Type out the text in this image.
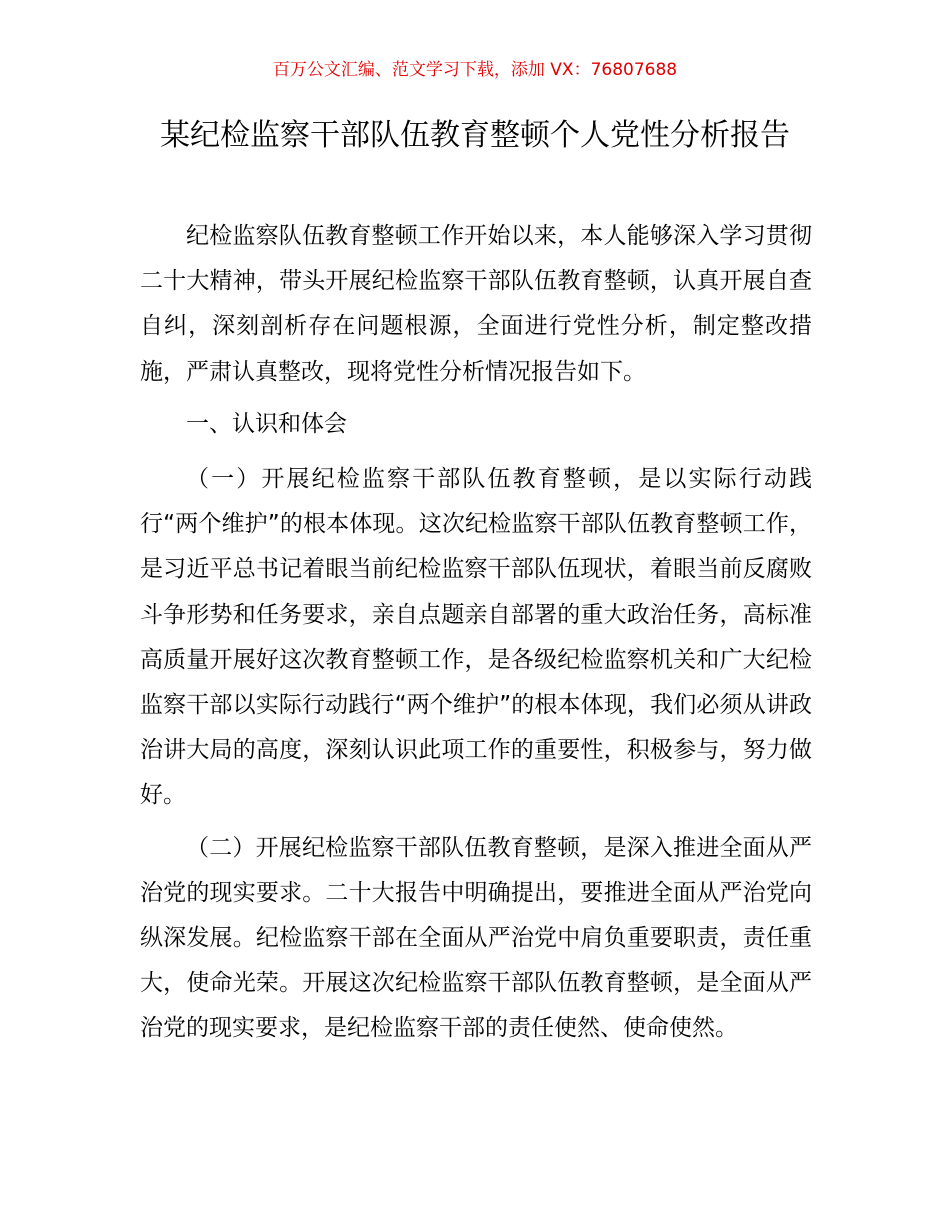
百万公文汇编、范文学习下载，添加 VX：76807688
某纪检监察干部队伍教育整顿个人党性分析报告

纪检监察队伍教育整顿工作开始以来，本人能够深入学习贯彻二十大精神，带头开展纪检监察干部队伍教育整顿，认真开展自查自纠，深刻剖析存在问题根源，全面进行党性分析，制定整改措施，严肃认真整改，现将党性分析情况报告如下。

一、认识和体会

（一）开展纪检监察干部队伍教育整顿，是以实际行动践行“两个维护”的根本体现。这次纪检监察干部队伍教育整顿工作，是习近平总书记着眼当前纪检监察干部队伍现状，着眼当前反腐败斗争形势和任务要求，亲自点题亲自部署的重大政治任务，高标准高质量开展好这次教育整顿工作，是各级纪检监察机关和广大纪检监察干部以实际行动践行“两个维护”的根本体现，我们必须从讲政治讲大局的高度，深刻认识此项工作的重要性，积极参与，努力做好。

（二）开展纪检监察干部队伍教育整顿，是深入推进全面从严治党的现实要求。二十大报告中明确提出，要推进全面从严治党向纵深发展。纪检监察干部在全面从严治党中肩负重要职责，责任重大，使命光荣。开展这次纪检监察干部队伍教育整顿，是全面从严治党的现实要求，是纪检监察干部的责任使然、使命使然。
